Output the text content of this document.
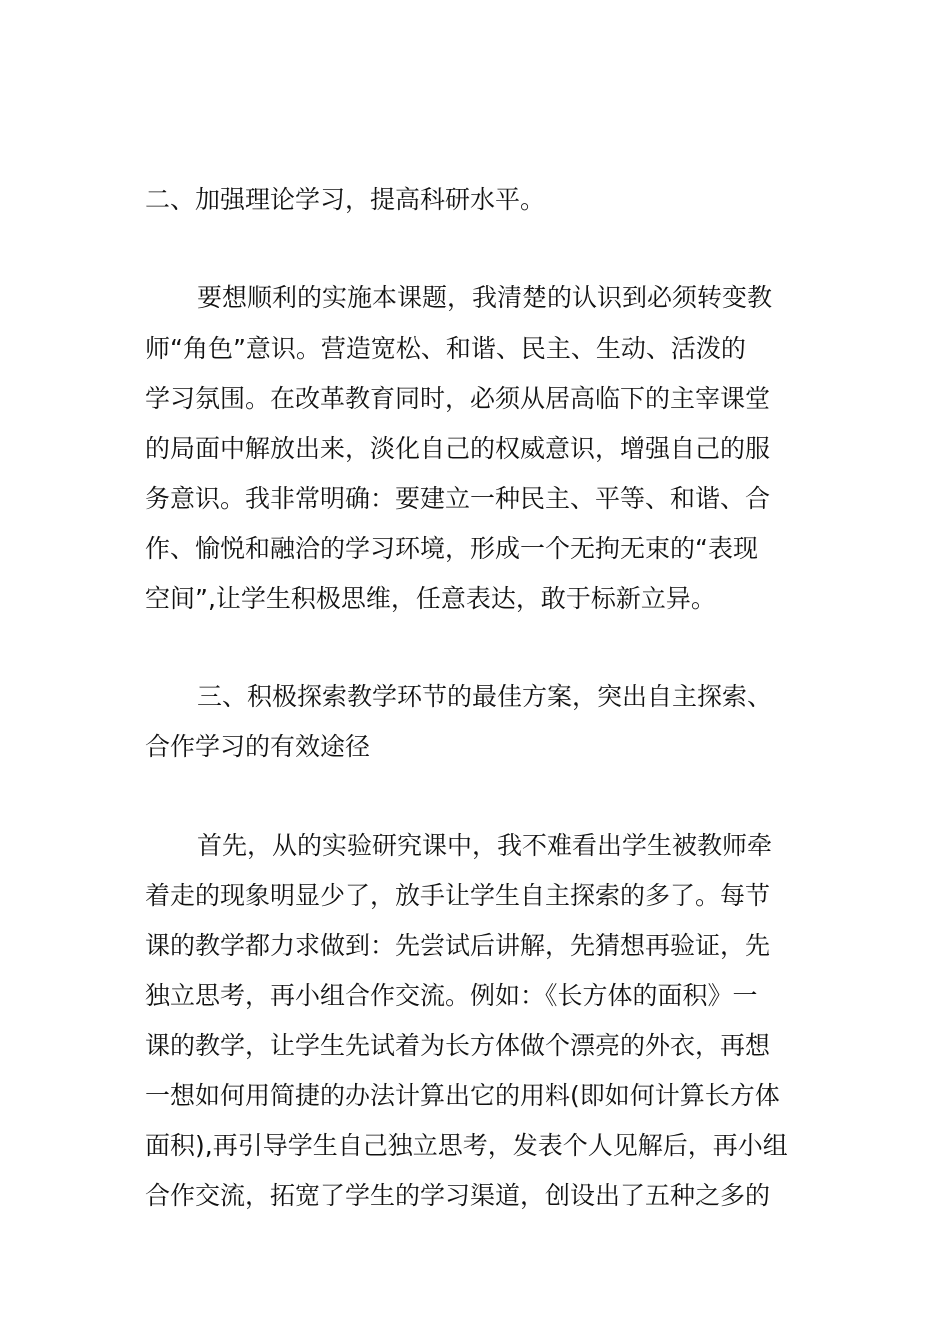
二、加强理论学习，提高科研水平。
要想顺利的实施本课题，我清楚的认识到必须转变教
师“角色”意识。营造宽松、和谐、民主、生动、活泼的
学习氛围。在改革教育同时，必须从居高临下的主宰课堂
的局面中解放出来，淡化自己的权威意识，增强自己的服
务意识。我非常明确：要建立一种民主、平等、和谐、合
作、愉悦和融洽的学习环境，形成一个无拘无束的“表现
空间”,让学生积极思维，任意表达，敢于标新立异。
三、积极探索教学环节的最佳方案，突出自主探索、
合作学习的有效途径
首先，从的实验研究课中，我不难看出学生被教师牵
着走的现象明显少了，放手让学生自主探索的多了。每节
课的教学都力求做到：先尝试后讲解，先猜想再验证，先
独立思考，再小组合作交流。例如：《长方体的面积》一
课的教学，让学生先试着为长方体做个漂亮的外衣，再想
一想如何用简捷的办法计算出它的用料(即如何计算长方体
面积),再引导学生自己独立思考，发表个人见解后，再小组
合作交流，拓宽了学生的学习渠道，创设出了五种之多的
